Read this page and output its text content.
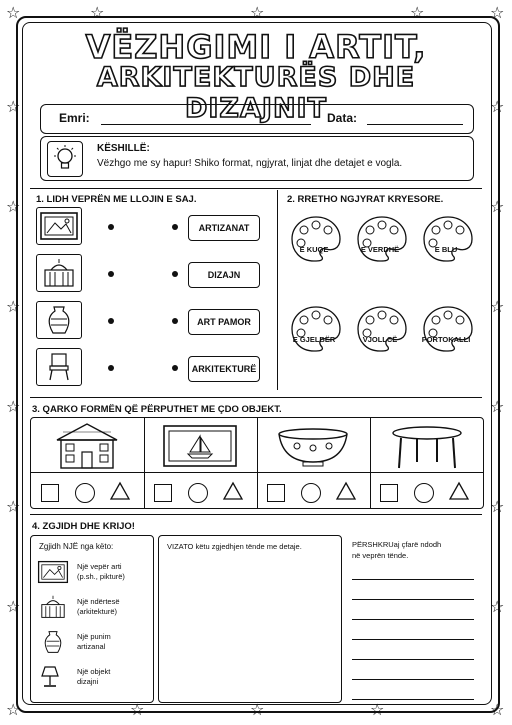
☆	☆	☆
☆	☆
☆	☆
☆	☆
☆	☆
☆	☆
☆	☆
☆	☆	☆
☆	☆
☆	☆
VËZHGIMI I ARTIT,
ARKITEKTURËS DHE DIZAJNIT
Emri:	Data:
KËSHILLË:
Vëzhgo me sy hapur! Shiko format, ngjyrat, linjat dhe detajet e vogla.
1. LIDH VEPRËN ME LLOJIN E SAJ.
ARTIZANAT
DIZAJN
ART PAMOR
ARKITEKTURË
2. RRETHO NGJYRAT KRYESORE.
E KUQE	E VERDHË	E BLU
E GJELBËR	VJOLLCË	PORTOKALLI
3. QARKO FORMËN QË PËRPUTHET ME ÇDO OBJEKT.
4. ZGJIDH DHE KRIJO!
Zgjidh NJË nga këto:
Një vepër arti
(p.sh., pikturë)
Një ndërtesë
(arkitekturë)
Një punim
artizanal
Një objekt
dizajni
VIZATO këtu zgjedhjen tënde me detaje.	PËRSHKRUaj çfarë ndodh
në veprën tënde.
